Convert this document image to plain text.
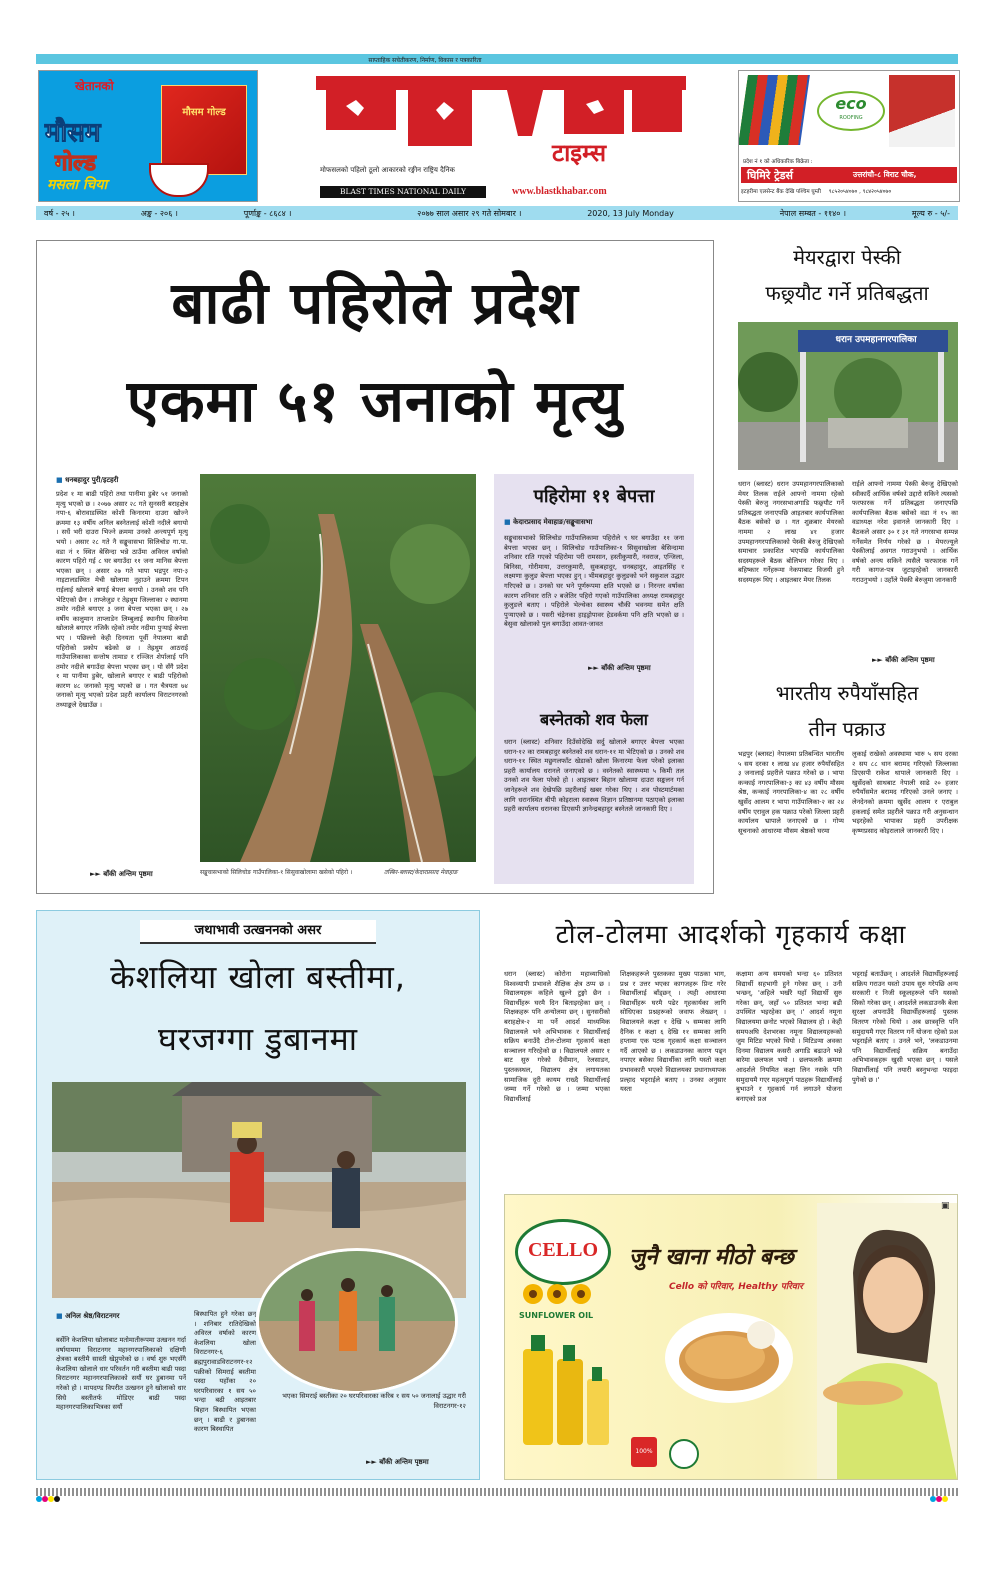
साप्ताहिक सचेतीकरण, निर्माण, विकास र पत्रकारिता
खेतानको
मौसम
गोल्ड
मसला चिया
मौसम गोल्ड
टाइम्स
मोफसलको पहिलो ठूलो आकारको रङ्गीन राष्ट्रिय दैनिक
BLAST TIMES NATIONAL DAILY	www.blastkhabar.com
eco
ROOFING
प्रदेश नं १ को अधिकारिक बिक्रेता :
घिमिरे ट्रेडर्स	उत्तरांचौ-८ विराट चौक,
इटहरीमा एलसेन्ट बैंक देखि पश्चिम घुम्ती ९८५२०५४०७० , ९८४२०५४०७०
वर्ष - २५ ।	अङ्क - २०६ ।	पूर्णाङ्क - ८६८४ ।	२०७७ साल असार २९ गते सोमबार ।	2020, 13 July Monday	नेपाल सम्बत - ११४० ।	मूल्य रु - ५/-
बाढी पहिरोले प्रदेश
एकमा ५१ जनाको मृत्यु
■ धनबहादुर पुरी/इटहरी
प्रदेश १ मा बाढी पहिरो तथा पानीमा डुबेर ५१ जनाको मृत्यु भएको छ । २०७७ असार २८ गते सुनसरी बराहक्षेत्र नपा-६ बोरावाडस्थित कोशी किनारमा दाउरा खोज्ने क्रममा १३ वर्षीय अनिल बस्नेतलाई कोशी नदीले बगायो । सधैं भरी दाउरा भिज्ने क्रममा उनको अन्त्यपूर्ण मृत्यु भयो । असार २८ गते नै सङ्खुवासभा सिलिचोङ गा.पा. वडा नं १ स्थित बेसिन्दा भन्ने ठाउँमा अविरल वर्षाको कारण पहिरो गई ८ घर बगाउँदा ११ जना मानिस बेपत्ता भएका छन् । असार २७ गते भापा भद्रपुर नपा-३ नाइटालडस्थित मेची खोलामा नुहाउने क्रममा टिपन राईलाई खोलाले बगाई बेपत्ता बनायो । उनको शव पनि भेटिएको छैन । ताप्लेजुङ र तेह्रथुम जिल्लाका २ स्थानमा तमोर नदीले बगाएर ३ जना बेपत्ता भएका छन् । २७ वर्षीय कालुमान ताप्लाडेन लिम्बुलाई स्थानीय सिजनेमा खोलाले बगाएर नजिकै रहेको तमोर नदीमा पुऱ्याई बेपत्ता भए । पछिल्लो केही दिनयता पूर्वी नेपालमा बाढी पहिरोको प्रकोप बढेको छ । तेह्रथुम आठराई गाउँपालिकाका सन्तोष तामाङ र रञ्जित शेर्पालाई पनि तमोर नदीले बगाउँदा बेपत्ता भएका छन् । यो सँगै प्रदेश १ मा पानीमा डुबेर, खोलाले बगाएर र बाढी पहिरोको कारण ४८ जनाको मृत्यु भएको छ । गत चैत्रयता ७४ जनाको मृत्यु भएको प्रदेश प्रहरी कार्यालय विराटनगरको तथ्याङ्कले देखाउँछ ।
►► बाँकी अन्तिम पृष्ठमा	सङ्खुवासभाको सिलिचोङ गाउँपालिका-१ सिसुवाखोलामा खसेको पहिरो ।	तस्बिर-ब्लास्ट/केदारप्रसाद मेवाहाङ
पहिरोमा ११ बेपत्ता
■ केदारप्रसाद मेवाहाङ/सङ्खुवासभा
सङ्खुवासभाको सिलिचोङ गाउँपालिकामा पहिरोले ९ घर बगाउँदा ११ जना बेपत्ता भएका छन् । सिलिचोङ गाउँपालिका-१ सिसुवाखोला बेसिन्दामा शनिवार राति गएको पहिरोमा परी रामसान, हस्तीकुमारी, नवराज, एन्जिला, बिनिसा, गोरीमाया, उत्तरकुमारी, सुकबहादुर, धनबहादुर, आइतसिंह र लक्ष्मणा कुलुङ बेपत्ता भएका हुन् । भीमबहादुर कुलुङको भने सकुशल उद्धार गरिएको छ । उनको घर भने पूर्णरूपमा क्षति भएको छ । निरन्तर वर्षाका कारण शनिवार राति २ बजेतिर पहिरो गएको गाउँपालिका अध्यक्ष रामबहादुर कुलुङले बताए । पहिरोले भेल्थेका स्वास्थ्य चौकी भवनमा समेत क्षति पुऱ्याएको छ । यसरी चंद्रेनका हाइड्रोपावर हेडवर्कमा पनि क्षति भएको छ । बेसुवा खोलाको पुल बगाउँदा आवत-जावत
►► बाँकी अन्तिम पृष्ठमा
बस्नेतको शव फेला
धरान (ब्लास्ट) शनिवार दिउँसोदेखि सर्दु खोलाले बगाएर बेपत्ता भएका धरान-१२ का रामबहादुर बस्नेतको शव धरान-११ मा भेटिएको छ । उनको शव धरान-११ स्थित मछुगलफाँट खेडाको खोला किनारमा फेला परेको इलाका प्रहरी कार्यालय धरानले जनाएको छ । वस्नेतको स्वास्थ्यमा ५ किमी तल उनको शव फेला परेको हो । आइतबार बिहान खोलामा दाउरा सङ्कलन गर्न जानेहरूले शव देखेपछि प्रहरीलाई खबर गरेका थिए । शव पोस्टमार्टमका लागि धरानस्थित बीपी कोइराला स्वास्थ्य विज्ञान प्रतिष्ठानमा पठाएको इलाका प्रहरी कार्यालय धरानका डिएसपी ज्ञानेन्द्रबहादुर बस्नेतले जानकारी दिए ।
मेयरद्वारा पेस्की
फछ्र्यौट गर्ने प्रतिबद्धता
धरान उपमहानगरपालिका
धरान (ब्लास्ट) धरान उपमहानगरपालिकाको मेयर तिलक राईले आफ्नो नाममा रहेको पेस्की बेरुजु नगरसभाअगाडि फछ्र्यौट गर्ने प्रतिबद्धता जनाएपछि आइतबार कार्यपालिका बैठक बसेको छ । गत शुक्रबार मेयरको नाममा २ लाख ४१ हजार उपमहानगरपालिकाको पेस्की बेरुजु देखिएको समाचार प्रकाशित भएपछि कार्यपालिका सदस्यहरूले बैठक बोलिभन गरेका थिए । बहिष्कार गर्नेहरूमा नेकपाबाट विजयी हुने सदस्यहरू थिए । आइतबार मेयर तिलक
राईले आफ्नो नाममा पेस्की बेरुजु देखिएको स्वीकार्दै आर्थिक वर्षको उद्दारो सकिने त्यसको फरफारक गर्ने प्रतिबद्धता जनाएपछि कार्यपालिका बैठक बसेको वडा नं १५ का वडाध्यक्ष नरेश इवानले जानकारी दिए । बैठकले असार ३० र ३१ गते नगरसभा सम्पन्न गर्नेसमेत निर्णय गरेको छ । मेयरज्यूले पेस्कीलाई अवगत गराउनुभयो । आर्थिक वर्षको अन्त्य सकिने त्यसैले फरफारक गर्ने गरी कागज-पत्र जुटाइरहेको जानकारी गराउनुभयो । उहाँले पेस्की बेरुजुमा जानकारी
►► बाँकी अन्तिम पृष्ठमा
भारतीय रुपैयाँसहित
तीन पक्राउ
भद्रपुर (ब्लास्ट) नेपालमा प्रतिबन्धित भारतीय ५ सय दरका १ लाख ४४ हजार रुपैयाँसहित ३ जनालाई प्रहरीले पक्राउ गरेको छ । भापा कन्काई नगरपालिका-३ का ४३ वर्षीय मौसम श्रेष्ठ, कन्काई नगरपालिका-४ का २८ वर्षीय खुर्सेद आलम र भापा गाउँपालिका-२ का २४ वर्षीय एरावुल हक पक्राउ परेको जिल्ला प्रहरी कार्यालय भ्रापाले जनाएको छ । गोप्य सूचनाको आधारमा मौसम श्रेष्ठको घरमा
लुकाई राखेको अवस्थामा भारु ५ सय दरका २ सय ८८ थान बरामद गरिएको जिल्लाका डिएसपी राकेश थापाले जानकारी दिए । खुर्सेदको साथबाट नेपाली साढे २० हजार रुपैयाँसमेत बरामद गरिएको उनले जनाए । लेनदेनको क्रममा खुर्सेद आलम र एराबुल हकलाई समेत प्रहरीले पक्राउ गरी अनुसन्धान भइरहेको भापाका प्रहरी उपरीक्षक कृष्णप्रसाद कोइरालाले जानकारी दिए ।
जथाभावी उत्खननको असर
केशलिया खोला बस्तीमा,
घरजग्गा डुबानमा
■ अनिल श्रेष्ठ/विराटनगर
बर्सेनि केशलिया खोलाबाट मतोमातीरूपमा उत्खनन गर्दा वर्षायाममा विराटनगर महानगरपालिकाको दक्षिणी क्षेत्रका बस्तीमै सास्ती खेप्नुपरेको छ । वर्षा शुरु भएसँगै केशलिया खोलाले धार परिवर्तन गरी बस्तीमा बाढी पस्दा विराटनगर महानगरपालिकाको सयौं घर डुबानमा पर्ने गरेको हो । मापदण्ड विपरीत उत्खनन हुने खोलाको धार सिधै बस्तीतर्फ मोडिएर बाढी पस्दा महानगरपालिकाभित्रका सयौं
बिस्थापित हुने गरेका छन् । शनिबार रातिदेखिको अविरल वर्षाको कारण केशलिया खोला विराटनगर-६ ब्रह्मपुरावाडविराटनगर-१२ पक्रीको सिमराई बस्तीमा पस्दा यहाँका २० घरपरिवारका १ सय ५० भन्दा बढी आइतबार बिहान बिस्थापित भएका छन् । बाढी र डुबानका कारण बिस्थापित
भएका सिमराई बस्तीका २० घरपरिवारका करिब १ सय ५० जनालाई उद्धार गरी विराटनगर-१२
►► बाँकी अन्तिम पृष्ठमा
टोल-टोलमा आदर्शको गृहकार्य कक्षा
धरान (ब्लास्ट) कोरोना महाव्याधिको विश्वव्यापी प्रभावले शैक्षिक क्षेत्र ठप्प छ । विद्यालयहरू कहिले खुल्ने टुङ्गो छैन । विद्यार्थीहरू घरमै दिन बिताइरहेका छन् । शिक्षकहरू पनि अन्योलमा छन् । सुनसरीको बराहक्षेत्र-२ मा पर्ने आदर्श माध्यमिक विद्यालयले भने अभिभावक र विद्यार्थीलाई सक्रिय बनाउँदै टोल-टोलमा गृहकार्य कक्षा सञ्चालन गरिरहेको छ । विद्यालयले असार १ बाट सुरु गरेको दैवीमान, रेलसाडन, पुस्तकस्थल, विद्यालय क्षेत्र लगायतका सामाजिक दूरी कायम राख्दै विद्यार्थीलाई जम्मा गर्ने गरेको छ । जम्मा भएका विद्यार्थीलाई
शिक्षकहरूले पुस्तकका मुख्य पाठका भाग, प्रश्न र उत्तर भएका कागजहरू प्रिन्ट गरेर विद्यार्थीलाई बाँड्छन् । त्यही आधारमा विद्यार्थीहरू घरमै पढेर गृहकार्यका लागि सोधिएका प्रश्नहरूको जवाफ लेख्छन् । विद्यालयले कक्षा १ देखि ५ सम्मका लागि दैनिक र कक्षा ६ देखि ११ सम्मका लागि हप्तामा एक पटक गृहकार्य कक्षा सञ्चालन गर्दै आएको छ । लकडाउनका कारण पढ्न नपाएर बसेका विद्यार्थीका लागि यस्तो कक्षा प्रभावकारी भएको विद्यालयका प्रधानाध्यापक प्रल्हाद भट्टराईले बताए । उनका अनुसार यस्ता
कक्षामा अन्य समयको भन्दा ६० प्रतिशत विद्यार्थी सहभागी हुने गरेका छन् । उनी भन्छन्, 'अहिले भर्खरै यहाँ विद्यार्थी सुरु गरेका छन्, जहाँ ५० प्रतिशत भन्दा बढी उपस्थित भइरहेका छन् ।' आदर्श नमूना विद्यालयमा छनोट भएको विद्यालय हो । केही समयअघि देशभरका नमूना विद्यालयहरूको जुम मिटिङ भएको थियो । मिटिङमा अवका दिनमा विद्यालय कसरी अगाडि बढाउने भन्ने बारेमा छलफल भयो । छलफलकै क्रममा आदर्शले नियमित कक्षा लिन नसके पनि समुदायमै गएर महत्वपूर्ण पाठहरू विद्यार्थीलाई बुभाउने र गृहकार्य गर्न लगाउने योजना बनाएको प्रअ
भट्टराई बताउँछन् । आदर्शले विद्यार्थीहरूलाई सक्रिय गराउन यस्तो उपाय सुरु गरेपछि अन्य सरकारी र निजी स्कूलहरूले पनि यसको सिको गरेका छन् । आदर्शले लकडाउनकै बेला सुरक्षा अपनाउँदै विद्यार्थीहरूलाई पुस्तक वितरण गरेको थियो । अब छात्रवृत्ति पनि समुदायमै गएर वितरण गर्ने योजना रहेको प्रअ भट्टराईले बताए । उनले भने, 'लकडाउनमा पनि विद्यार्थीलाई सक्रिय बनाउँदा अभिभावकहरू खुसी भएका छन् । यसले विद्यार्थीलाई पनि तयारी बस्नुभन्दा फाइदा पुगेको छ ।'
CELLO
SUNFLOWER OIL
100%
जुनै खाना मीठो बन्छ
Cello को परिवार, Healthy परिवार
▣
